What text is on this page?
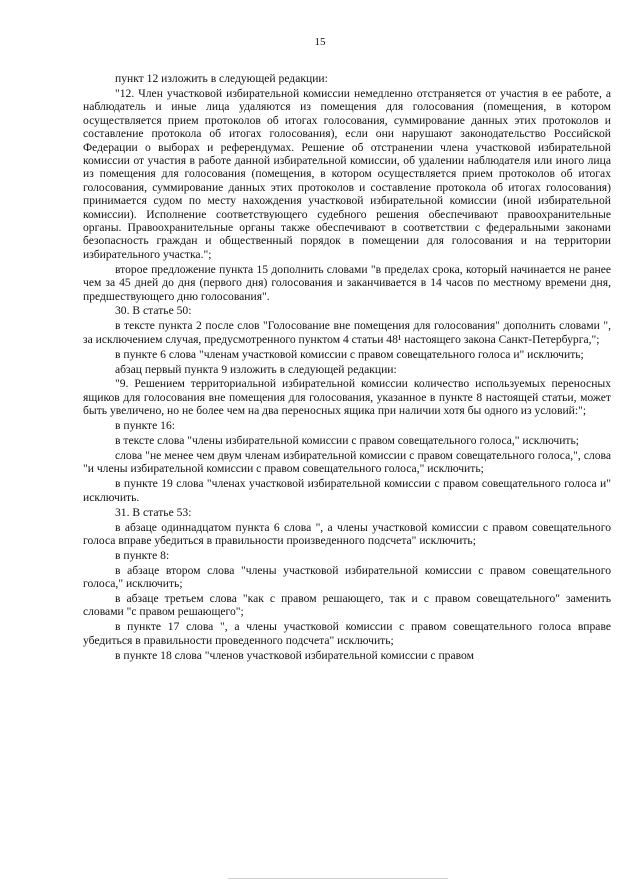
15

пункт 12 изложить в следующей редакции:

"12. Член участковой избирательной комиссии немедленно отстраняется от участия в ее работе, а наблюдатель и иные лица удаляются из помещения для голосования (помещения, в котором осуществляется прием протоколов об итогах голосования, суммирование данных этих протоколов и составление протокола об итогах голосования), если они нарушают законодательство Российской Федерации о выборах и референдумах. Решение об отстранении члена участковой избирательной комиссии от участия в работе данной избирательной комиссии, об удалении наблюдателя или иного лица из помещения для голосования (помещения, в котором осуществляется прием протоколов об итогах голосования, суммирование данных этих протоколов и составление протокола об итогах голосования) принимается судом по месту нахождения участковой избирательной комиссии (иной избирательной комиссии). Исполнение соответствующего судебного решения обеспечивают правоохранительные органы. Правоохранительные органы также обеспечивают в соответствии с федеральными законами безопасность граждан и общественный порядок в помещении для голосования и на территории избирательного участка.";

второе предложение пункта 15 дополнить словами "в пределах срока, который начинается не ранее чем за 45 дней до дня (первого дня) голосования и заканчивается в 14 часов по местному времени дня, предшествующего дню голосования".

30. В статье 50:

в тексте пункта 2 после слов "Голосование вне помещения для голосования" дополнить словами ", за исключением случая, предусмотренного пунктом 4 статьи 48¹ настоящего закона Санкт-Петербурга,";

в пункте 6 слова "членам участковой комиссии с правом совещательного голоса и" исключить;

абзац первый пункта 9 изложить в следующей редакции:

"9. Решением территориальной избирательной комиссии количество используемых переносных ящиков для голосования вне помещения для голосования, указанное в пункте 8 настоящей статьи, может быть увеличено, но не более чем на два переносных ящика при наличии хотя бы одного из условий:";

в пункте 16:

в тексте слова "члены избирательной комиссии с правом совещательного голоса," исключить;

слова "не менее чем двум членам избирательной комиссии с правом совещательного голоса,", слова "и члены избирательной комиссии с правом совещательного голоса," исключить;

в пункте 19 слова "членах участковой избирательной комиссии с правом совещательного голоса и" исключить.

31. В статье 53:

в абзаце одиннадцатом пункта 6 слова ", а члены участковой комиссии с правом совещательного голоса вправе убедиться в правильности произведенного подсчета" исключить;

в пункте 8:

в абзаце втором слова "члены участковой избирательной комиссии с правом совещательного голоса," исключить;

в абзаце третьем слова "как с правом решающего, так и с правом совещательного" заменить словами "с правом решающего";

в пункте 17 слова ", а члены участковой комиссии с правом совещательного голоса вправе убедиться в правильности проведенного подсчета" исключить;

в пункте 18 слова "членов участковой избирательной комиссии с правом
